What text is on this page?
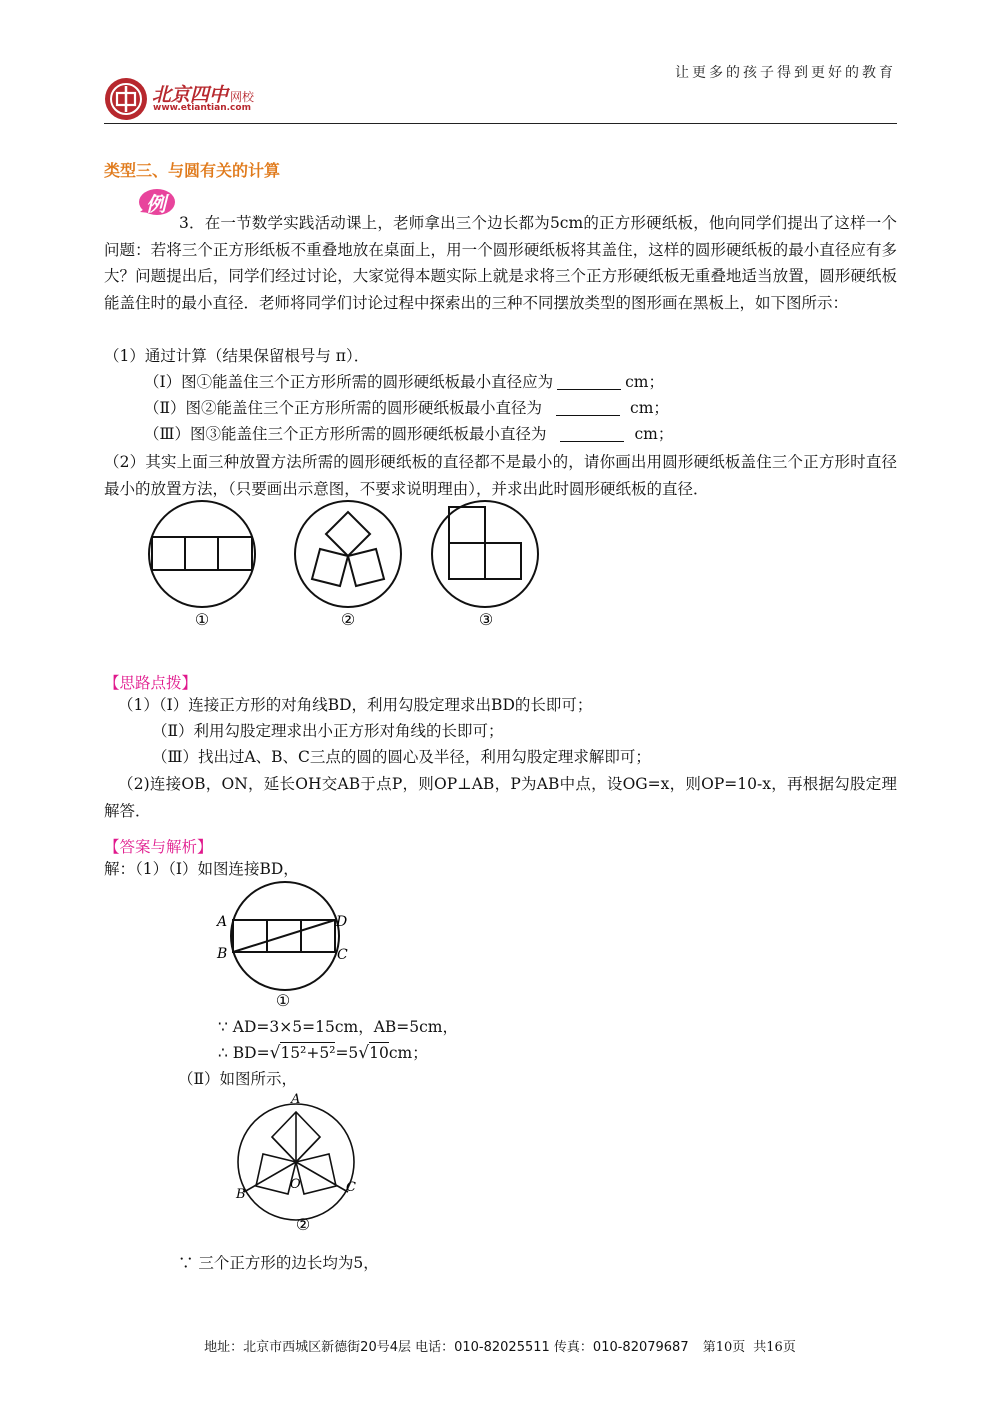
北京四中 网校
www.etiantian.com
让更多的孩子得到更好的教育
类型三、与圆有关的计算
例
3．在一节数学实践活动课上，老师拿出三个边长都为5cm的正方形硬纸板，他向同学们提出了这样一个问题：若将三个正方形纸板不重叠地放在桌面上，用一个圆形硬纸板将其盖住，这样的圆形硬纸板的最小直径应有多大？问题提出后，同学们经过讨论，大家觉得本题实际上就是求将三个正方形硬纸板无重叠地适当放置，圆形硬纸板能盖住时的最小直径．老师将同学们讨论过程中探索出的三种不同摆放类型的图形画在黑板上，如下图所示：
（1）通过计算（结果保留根号与 π）．
（Ⅰ）图①能盖住三个正方形所需的圆形硬纸板最小直径应为	cm；
（Ⅱ）图②能盖住三个正方形所需的圆形硬纸板最小直径为	cm；
（Ⅲ）图③能盖住三个正方形所需的圆形硬纸板最小直径为	cm；
（2）其实上面三种放置方法所需的圆形硬纸板的直径都不是最小的，请你画出用圆形硬纸板盖住三个正方形时直径最小的放置方法，（只要画出示意图，不要求说明理由），并求出此时圆形硬纸板的直径．
①	②	③
【思路点拨】
（1）（Ⅰ）连接正方形的对角线BD，利用勾股定理求出BD的长即可；
（Ⅱ）利用勾股定理求出小正方形对角线的长即可；
（Ⅲ）找出过A、B、C三点的圆的圆心及半径，利用勾股定理求解即可；
（2)连接OB，ON，延长OH交AB于点P，则OP⊥AB，P为AB中点，设OG=x，则OP=10-x，再根据勾股定理解答．
【答案与解析】
解：（1）（Ⅰ）如图连接BD，
A
B	C
D
①
∵ AD=3×5=15cm，AB=5cm，
∴ BD=√15²+5²=5√10cm；
（Ⅱ）如图所示，
A
B
O	C
②
∵ 三个正方形的边长均为5，
地址：北京市西城区新德街20号4层 电话：010-82025511 传真：010-82079687 第10页 共16页
